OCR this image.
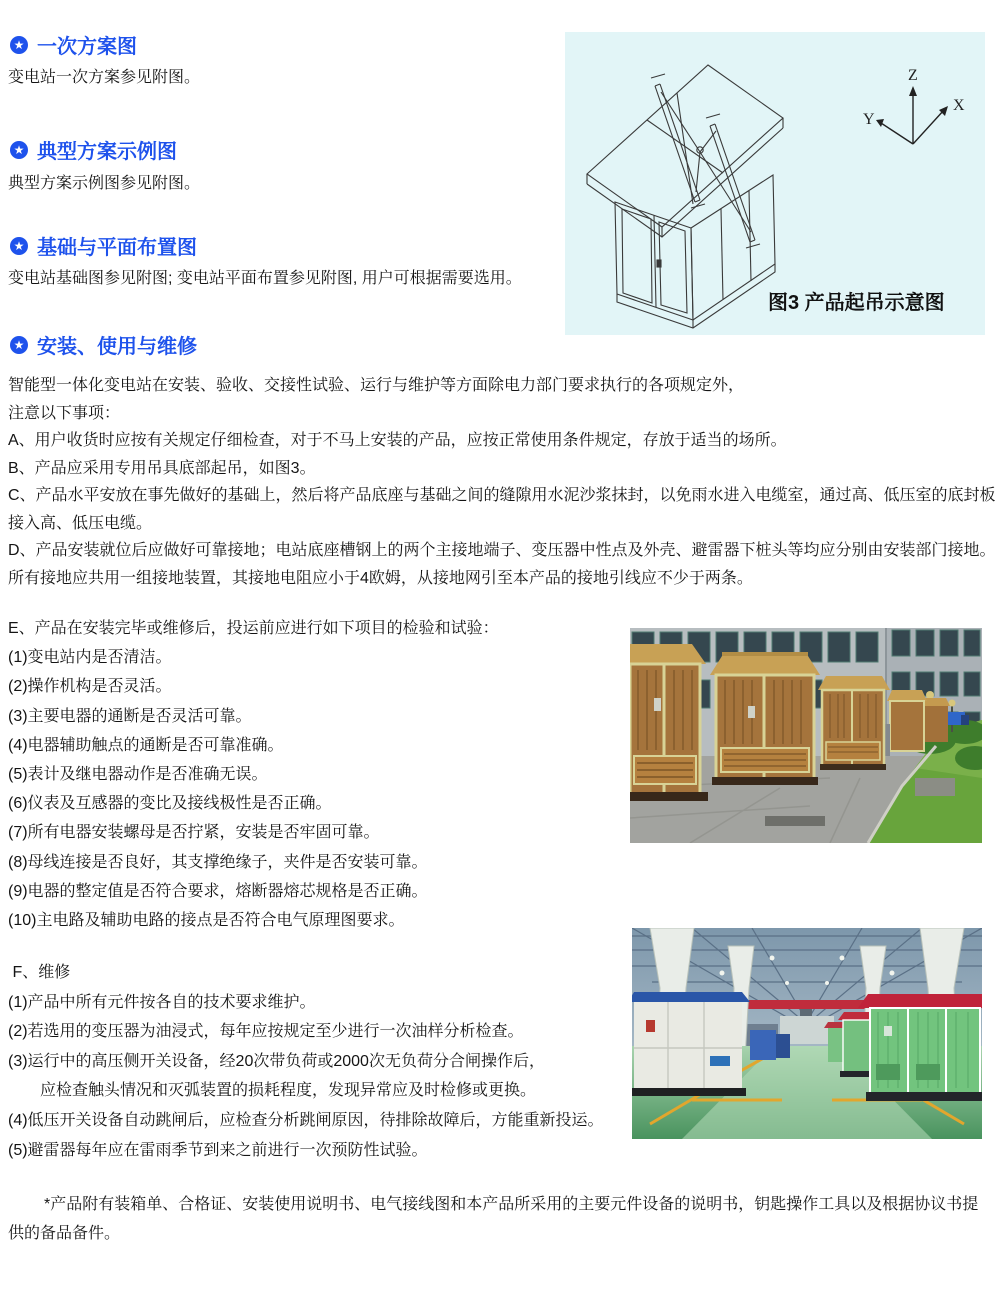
★ 一次方案图
变电站一次方案参见附图。
★ 典型方案示例图
典型方案示例图参见附图。
★ 基础与平面布置图
变电站基础图参见附图; 变电站平面布置参见附图, 用户可根据需要选用。
★ 安装、使用与维修
Z
X
Y
图3 产品起吊示意图
智能型一体化变电站在安装、验收、交接性试验、运行与维护等方面除电力部门要求执行的各项规定外，
注意以下事项：
A、用户收货时应按有关规定仔细检查，对于不马上安装的产品，应按正常使用条件规定，存放于适当的场所。
B、产品应采用专用吊具底部起吊，如图3。
C、产品水平安放在事先做好的基础上，然后将产品底座与基础之间的缝隙用水泥沙浆抹封，以免雨水进入电缆室，通过高、低压室的底封板
接入高、低压电缆。
D、产品安装就位后应做好可靠接地；电站底座槽钢上的两个主接地端子、变压器中性点及外壳、避雷器下桩头等均应分别由安装部门接地。
所有接地应共用一组接地装置，其接地电阻应小于4欧姆，从接地网引至本产品的接地引线应不少于两条。
E、产品在安装完毕或维修后，投运前应进行如下项目的检验和试验：
(1)变电站内是否清洁。
(2)操作机构是否灵活。
(3)主要电器的通断是否灵活可靠。
(4)电器辅助触点的通断是否可靠准确。
(5)表计及继电器动作是否准确无误。
(6)仪表及互感器的变比及接线极性是否正确。
(7)所有电器安装螺母是否拧紧，安装是否牢固可靠。
(8)母线连接是否良好，其支撑绝缘子，夹件是否安装可靠。
(9)电器的整定值是否符合要求，熔断器熔芯规格是否正确。
(10)主电路及辅助电路的接点是否符合电气原理图要求。
F、维修
(1)产品中所有元件按各自的技术要求维护。
(2)若选用的变压器为油浸式，每年应按规定至少进行一次油样分析检查。
(3)运行中的高压侧开关设备，经20次带负荷或2000次无负荷分合闸操作后，
　　应检查触头情况和灭弧装置的损耗程度，发现异常应及时检修或更换。
(4)低压开关设备自动跳闸后，应检查分析跳闸原因，待排除故障后，方能重新投运。
(5)避雷器每年应在雷雨季节到来之前进行一次预防性试验。
*产品附有装箱单、合格证、安装使用说明书、电气接线图和本产品所采用的主要元件设备的说明书，钥匙操作工具以及根据协议书提
供的备品备件。
